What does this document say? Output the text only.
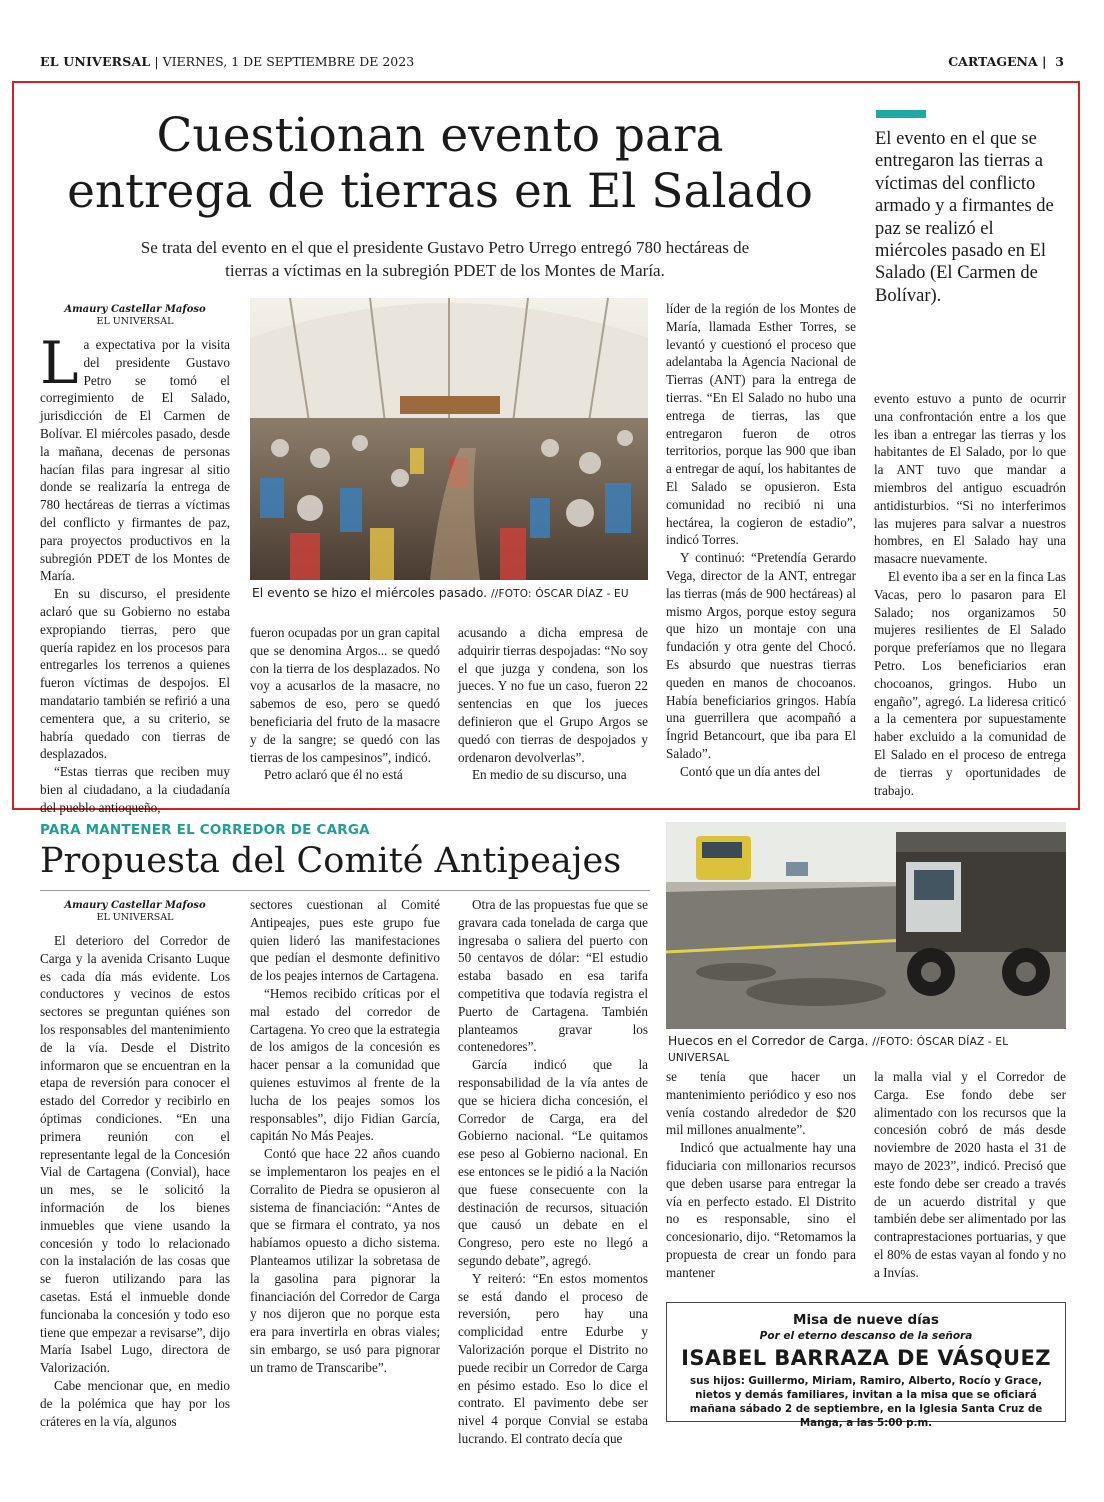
EL UNIVERSAL | VIERNES, 1 DE SEPTIEMBRE DE 2023	CARTAGENA | 3
Cuestionan evento para
entrega de tierras en El Salado
Se trata del evento en el que el presidente Gustavo Petro Urrego entregó 780 hectáreas de tierras a víctimas en la subregión PDET de los Montes de María.
El evento en el que se entregaron las tierras a víctimas del conflicto armado y a firmantes de paz se realizó el miércoles pasado en El Salado (El Carmen de Bolívar).
Amaury Castellar Mafoso
EL UNIVERSAL
El evento se hizo el miércoles pasado. //FOTO: ÓSCAR DÍAZ - EU

La expectativa por la visita del presidente Gustavo Petro se tomó el corregimiento de El Salado, jurisdicción de El Carmen de Bolívar. El miércoles pasado, desde la mañana, decenas de personas hacían filas para ingresar al sitio donde se realizaría la entrega de 780 hectáreas de tierras a víctimas del conflicto y firmantes de paz, para proyectos productivos en la subregión PDET de los Montes de María.

En su discurso, el presidente aclaró que su Gobierno no estaba expropiando tierras, pero que quería rapidez en los procesos para entregarles los terrenos a quienes fueron víctimas de despojos. El mandatario también se refirió a una cementera que, a su criterio, se habría quedado con tierras de desplazados.

“Estas tierras que reciben muy bien al ciudadano, a la ciudadanía del pueblo antioqueño,

fueron ocupadas por un gran capital que se denomina Argos... se quedó con la tierra de los desplazados. No voy a acusarlos de la masacre, no sabemos de eso, pero se quedó beneficiaria del fruto de la masacre y de la sangre; se quedó con las tierras de los campesinos”, indicó.

Petro aclaró que él no está

acusando a dicha empresa de adquirir tierras despojadas: “No soy el que juzga y condena, son los jueces. Y no fue un caso, fueron 22 sentencias en que los jueces definieron que el Grupo Argos se quedó con tierras de despojados y ordenaron devolverlas”.

En medio de su discurso, una

líder de la región de los Montes de María, llamada Esther Torres, se levantó y cuestionó el proceso que adelantaba la Agencia Nacional de Tierras (ANT) para la entrega de tierras. “En El Salado no hubo una entrega de tierras, las que entregaron fueron de otros territorios, porque las 900 que iban a entregar de aquí, los habitantes de El Salado se opusieron. Esta comunidad no recibió ni una hectárea, la cogieron de estadio”, indicó Torres.

Y continuó: “Pretendía Gerardo Vega, director de la ANT, entregar las tierras (más de 900 hectáreas) al mismo Argos, porque estoy segura que hizo un montaje con una fundación y otra gente del Chocó. Es absurdo que nuestras tierras queden en manos de chocoanos. Había beneficiarios gringos. Había una guerrillera que acompañó a Íngrid Betancourt, que iba para El Salado”.

Contó que un día antes del

evento estuvo a punto de ocurrir una confrontación entre a los que les iban a entregar las tierras y los habitantes de El Salado, por lo que la ANT tuvo que mandar a miembros del antiguo escuadrón antidisturbios. “Si no interferimos las mujeres para salvar a nuestros hombres, en El Salado hay una masacre nuevamente.

El evento iba a ser en la finca Las Vacas, pero lo pasaron para El Salado; nos organizamos 50 mujeres resilientes de El Salado porque preferíamos que no llegara Petro. Los beneficiarios eran chocoanos, gringos. Hubo un engaño”, agregó. La lideresa criticó a la cementera por supuestamente haber excluido a la comunidad de El Salado en el proceso de entrega de tierras y oportunidades de trabajo.

PARA MANTENER EL CORREDOR DE CARGA
Propuesta del Comité Antipeajes
Amaury Castellar Mafoso
EL UNIVERSAL
Huecos en el Corredor de Carga. //FOTO: ÓSCAR DÍAZ - EL UNIVERSAL

El deterioro del Corredor de Carga y la avenida Crisanto Luque es cada día más evidente. Los conductores y vecinos de estos sectores se preguntan quiénes son los responsables del mantenimiento de la vía. Desde el Distrito informaron que se encuentran en la etapa de reversión para conocer el estado del Corredor y recibirlo en óptimas condiciones. “En una primera reunión con el representante legal de la Concesión Vial de Cartagena (Convial), hace un mes, se le solicitó la información de los bienes inmuebles que viene usando la concesión y todo lo relacionado con la instalación de las cosas que se fueron utilizando para las casetas. Está el inmueble donde funcionaba la concesión y todo eso tiene que empezar a revisarse”, dijo María Isabel Lugo, directora de Valorización.

Cabe mencionar que, en medio de la polémica que hay por los cráteres en la vía, algunos

sectores cuestionan al Comité Antipeajes, pues este grupo fue quien lideró las manifestaciones que pedían el desmonte definitivo de los peajes internos de Cartagena.

“Hemos recibido críticas por el mal estado del corredor de Cartagena. Yo creo que la estrategia de los amigos de la concesión es hacer pensar a la comunidad que quienes estuvimos al frente de la lucha de los peajes somos los responsables”, dijo Fidian García, capitán No Más Peajes.

Contó que hace 22 años cuando se implementaron los peajes en el Corralito de Piedra se opusieron al sistema de financiación: “Antes de que se firmara el contrato, ya nos habíamos opuesto a dicho sistema. Planteamos utilizar la sobretasa de la gasolina para pignorar la financiación del Corredor de Carga y nos dijeron que no porque esta era para invertirla en obras viales; sin embargo, se usó para pignorar un tramo de Transcaribe”.

Otra de las propuestas fue que se gravara cada tonelada de carga que ingresaba o saliera del puerto con 50 centavos de dólar: “El estudio estaba basado en esa tarifa competitiva que todavía registra el Puerto de Cartagena. También planteamos gravar los contenedores”.

García indicó que la responsabilidad de la vía antes de que se hiciera dicha concesión, el Corredor de Carga, era del Gobierno nacional. “Le quitamos ese peso al Gobierno nacional. En ese entonces se le pidió a la Nación que fuese consecuente con la destinación de recursos, situación que causó un debate en el Congreso, pero este no llegó a segundo debate”, agregó.

Y reiteró: “En estos momentos se está dando el proceso de reversión, pero hay una complicidad entre Edurbe y Valorización porque el Distrito no puede recibir un Corredor de Carga en pésimo estado. Eso lo dice el contrato. El pavimento debe ser nivel 4 porque Convial se estaba lucrando. El contrato decía que

se tenía que hacer un mantenimiento periódico y eso nos venía costando alrededor de $20 mil millones anualmente”.

Indicó que actualmente hay una fiduciaria con millonarios recursos que deben usarse para entregar la vía en perfecto estado. El Distrito no es responsable, sino el concesionario, dijo. “Retomamos la propuesta de crear un fondo para mantener

la malla vial y el Corredor de Carga. Ese fondo debe ser alimentado con los recursos que la concesión cobró de más desde noviembre de 2020 hasta el 31 de mayo de 2023”, indicó. Precisó que este fondo debe ser creado a través de un acuerdo distrital y que también debe ser alimentado por las contraprestaciones portuarias, y que el 80% de estas vayan al fondo y no a Invías.

Misa de nueve días
Por el eterno descanso de la señora
ISABEL BARRAZA DE VÁSQUEZ
sus hijos: Guillermo, Miriam, Ramiro, Alberto, Rocío y Grace, nietos y demás familiares, invitan a la misa que se oficiará mañana sábado 2 de septiembre, en la Iglesia Santa Cruz de Manga, a las 5:00 p.m.
